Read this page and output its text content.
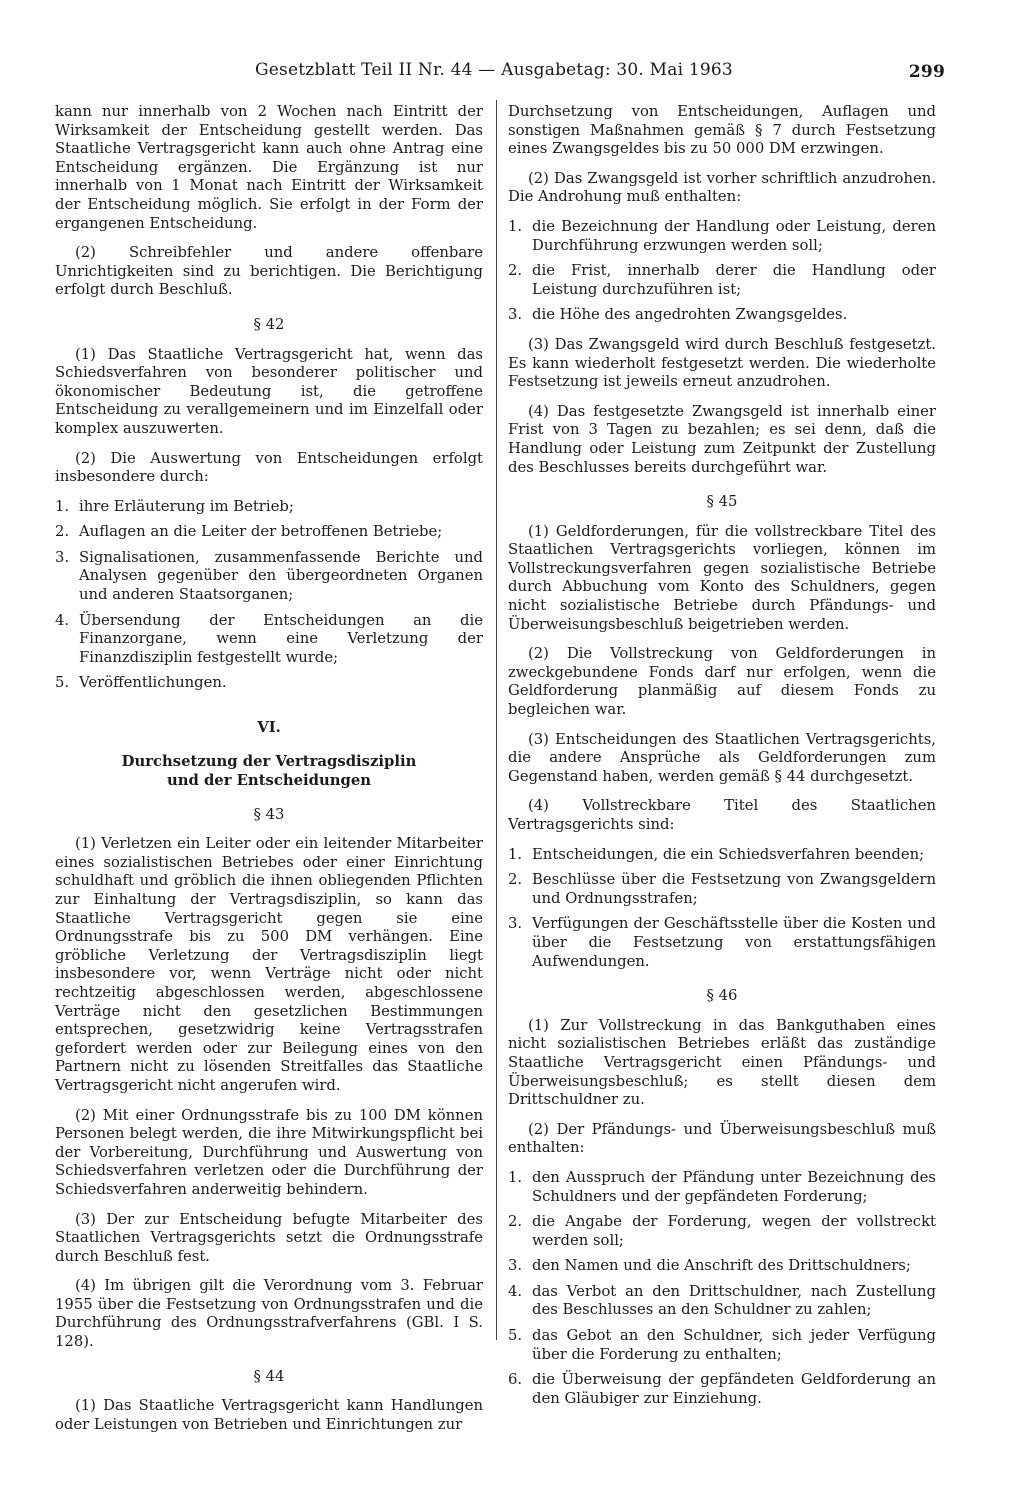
Gesetzblatt Teil II Nr. 44 — Ausgabetag: 30. Mai 1963	299

kann nur innerhalb von 2 Wochen nach Eintritt der Wirksamkeit der Entscheidung gestellt werden. Das Staatliche Vertragsgericht kann auch ohne Antrag eine Entscheidung ergänzen. Die Ergänzung ist nur innerhalb von 1 Monat nach Eintritt der Wirksamkeit der Entscheidung möglich. Sie erfolgt in der Form der ergangenen Entscheidung.

(2) Schreibfehler und andere offenbare Unrichtigkeiten sind zu berichtigen. Die Berichtigung erfolgt durch Beschluß.

§ 42

(1) Das Staatliche Vertragsgericht hat, wenn das Schiedsverfahren von besonderer politischer und ökonomischer Bedeutung ist, die getroffene Entscheidung zu verallgemeinern und im Einzelfall oder komplex auszuwerten.

(2) Die Auswertung von Entscheidungen erfolgt insbesondere durch:

1. ihre Erläuterung im Betrieb;
2. Auflagen an die Leiter der betroffenen Betriebe;
3. Signalisationen, zusammenfassende Berichte und Analysen gegenüber den übergeordneten Organen und anderen Staatsorganen;
4. Übersendung der Entscheidungen an die Finanzorgane, wenn eine Verletzung der Finanzdisziplin festgestellt wurde;
5. Veröffentlichungen.
VI.
Durchsetzung der Vertragsdisziplin
und der Entscheidungen
§ 43

(1) Verletzen ein Leiter oder ein leitender Mitarbeiter eines sozialistischen Betriebes oder einer Einrichtung schuldhaft und gröblich die ihnen obliegenden Pflichten zur Einhaltung der Vertragsdisziplin, so kann das Staatliche Vertragsgericht gegen sie eine Ordnungsstrafe bis zu 500 DM verhängen. Eine gröbliche Verletzung der Vertragsdisziplin liegt insbesondere vor, wenn Verträge nicht oder nicht rechtzeitig abgeschlossen werden, abgeschlossene Verträge nicht den gesetzlichen Bestimmungen entsprechen, gesetzwidrig keine Vertragsstrafen gefordert werden oder zur Beilegung eines von den Partnern nicht zu lösenden Streitfalles das Staatliche Vertragsgericht nicht angerufen wird.

(2) Mit einer Ordnungsstrafe bis zu 100 DM können Personen belegt werden, die ihre Mitwirkungspflicht bei der Vorbereitung, Durchführung und Auswertung von Schiedsverfahren verletzen oder die Durchführung der Schiedsverfahren anderweitig behindern.

(3) Der zur Entscheidung befugte Mitarbeiter des Staatlichen Vertragsgerichts setzt die Ordnungsstrafe durch Beschluß fest.

(4) Im übrigen gilt die Verordnung vom 3. Februar 1955 über die Festsetzung von Ordnungsstrafen und die Durchführung des Ordnungsstrafverfahrens (GBl. I S. 128).

§ 44

(1) Das Staatliche Vertragsgericht kann Handlungen oder Leistungen von Betrieben und Einrichtungen zur

Durchsetzung von Entscheidungen, Auflagen und sonstigen Maßnahmen gemäß § 7 durch Festsetzung eines Zwangsgeldes bis zu 50 000 DM erzwingen.

(2) Das Zwangsgeld ist vorher schriftlich anzudrohen. Die Androhung muß enthalten:

1. die Bezeichnung der Handlung oder Leistung, deren Durchführung erzwungen werden soll;
2. die Frist, innerhalb derer die Handlung oder Leistung durchzuführen ist;
3. die Höhe des angedrohten Zwangsgeldes.

(3) Das Zwangsgeld wird durch Beschluß festgesetzt. Es kann wiederholt festgesetzt werden. Die wiederholte Festsetzung ist jeweils erneut anzudrohen.

(4) Das festgesetzte Zwangsgeld ist innerhalb einer Frist von 3 Tagen zu bezahlen; es sei denn, daß die Handlung oder Leistung zum Zeitpunkt der Zustellung des Beschlusses bereits durchgeführt war.

§ 45

(1) Geldforderungen, für die vollstreckbare Titel des Staatlichen Vertragsgerichts vorliegen, können im Vollstreckungsverfahren gegen sozialistische Betriebe durch Abbuchung vom Konto des Schuldners, gegen nicht sozialistische Betriebe durch Pfändungs- und Überweisungsbeschluß beigetrieben werden.

(2) Die Vollstreckung von Geldforderungen in zweckgebundene Fonds darf nur erfolgen, wenn die Geldforderung planmäßig auf diesem Fonds zu begleichen war.

(3) Entscheidungen des Staatlichen Vertragsgerichts, die andere Ansprüche als Geldforderungen zum Gegenstand haben, werden gemäß § 44 durchgesetzt.

(4) Vollstreckbare Titel des Staatlichen Vertragsgerichts sind:

1. Entscheidungen, die ein Schiedsverfahren beenden;
2. Beschlüsse über die Festsetzung von Zwangsgeldern und Ordnungsstrafen;
3. Verfügungen der Geschäftsstelle über die Kosten und über die Festsetzung von erstattungsfähigen Aufwendungen.
§ 46

(1) Zur Vollstreckung in das Bankguthaben eines nicht sozialistischen Betriebes erläßt das zuständige Staatliche Vertragsgericht einen Pfändungs- und Überweisungsbeschluß; es stellt diesen dem Drittschuldner zu.

(2) Der Pfändungs- und Überweisungsbeschluß muß enthalten:

1. den Ausspruch der Pfändung unter Bezeichnung des Schuldners und der gepfändeten Forderung;
2. die Angabe der Forderung, wegen der vollstreckt werden soll;
3. den Namen und die Anschrift des Drittschuldners;
4. das Verbot an den Drittschuldner, nach Zustellung des Beschlusses an den Schuldner zu zahlen;
5. das Gebot an den Schuldner, sich jeder Verfügung über die Forderung zu enthalten;
6. die Überweisung der gepfändeten Geldforderung an den Gläubiger zur Einziehung.
